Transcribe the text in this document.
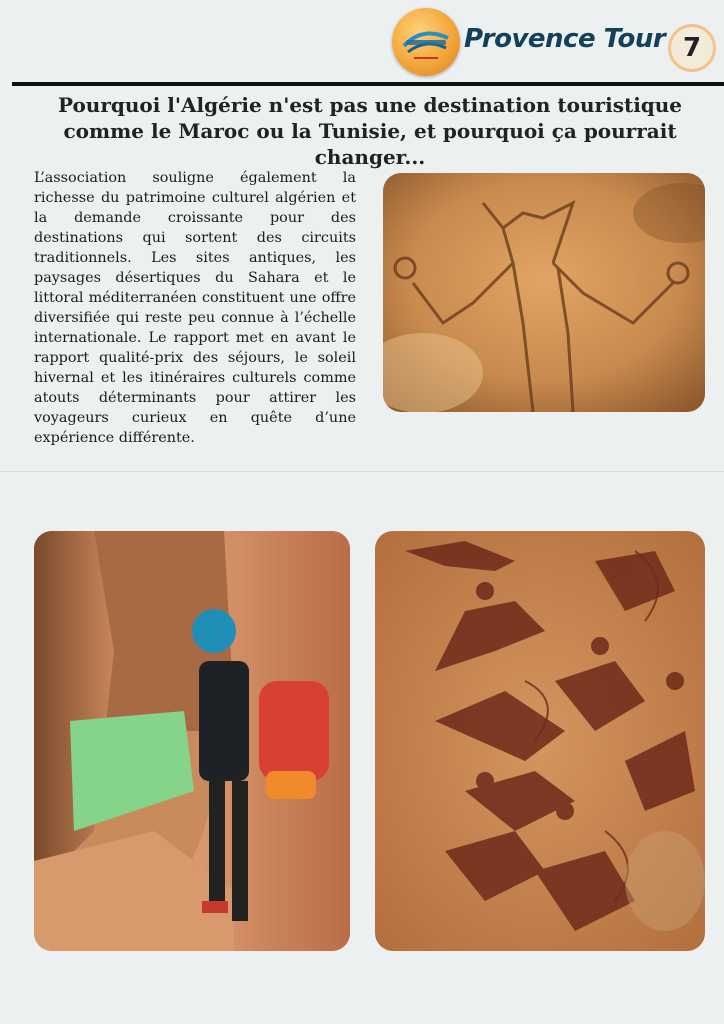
Provence Tour 7
Pourquoi l'Algérie n'est pas une destination touristique comme le Maroc ou la Tunisie, et pourquoi ça pourrait changer...

L’association souligne également la richesse du patrimoine culturel algérien et la demande croissante pour des destinations qui sortent des circuits traditionnels. Les sites antiques, les paysages désertiques du Sahara et le littoral méditerranéen constituent une offre diversifiée qui reste peu connue à l’échelle internationale. Le rapport met en avant le rapport qualité-prix des séjours, le soleil hivernal et les itinéraires culturels comme atouts déterminants pour attirer les voyageurs curieux en quête d’une expérience différente.
